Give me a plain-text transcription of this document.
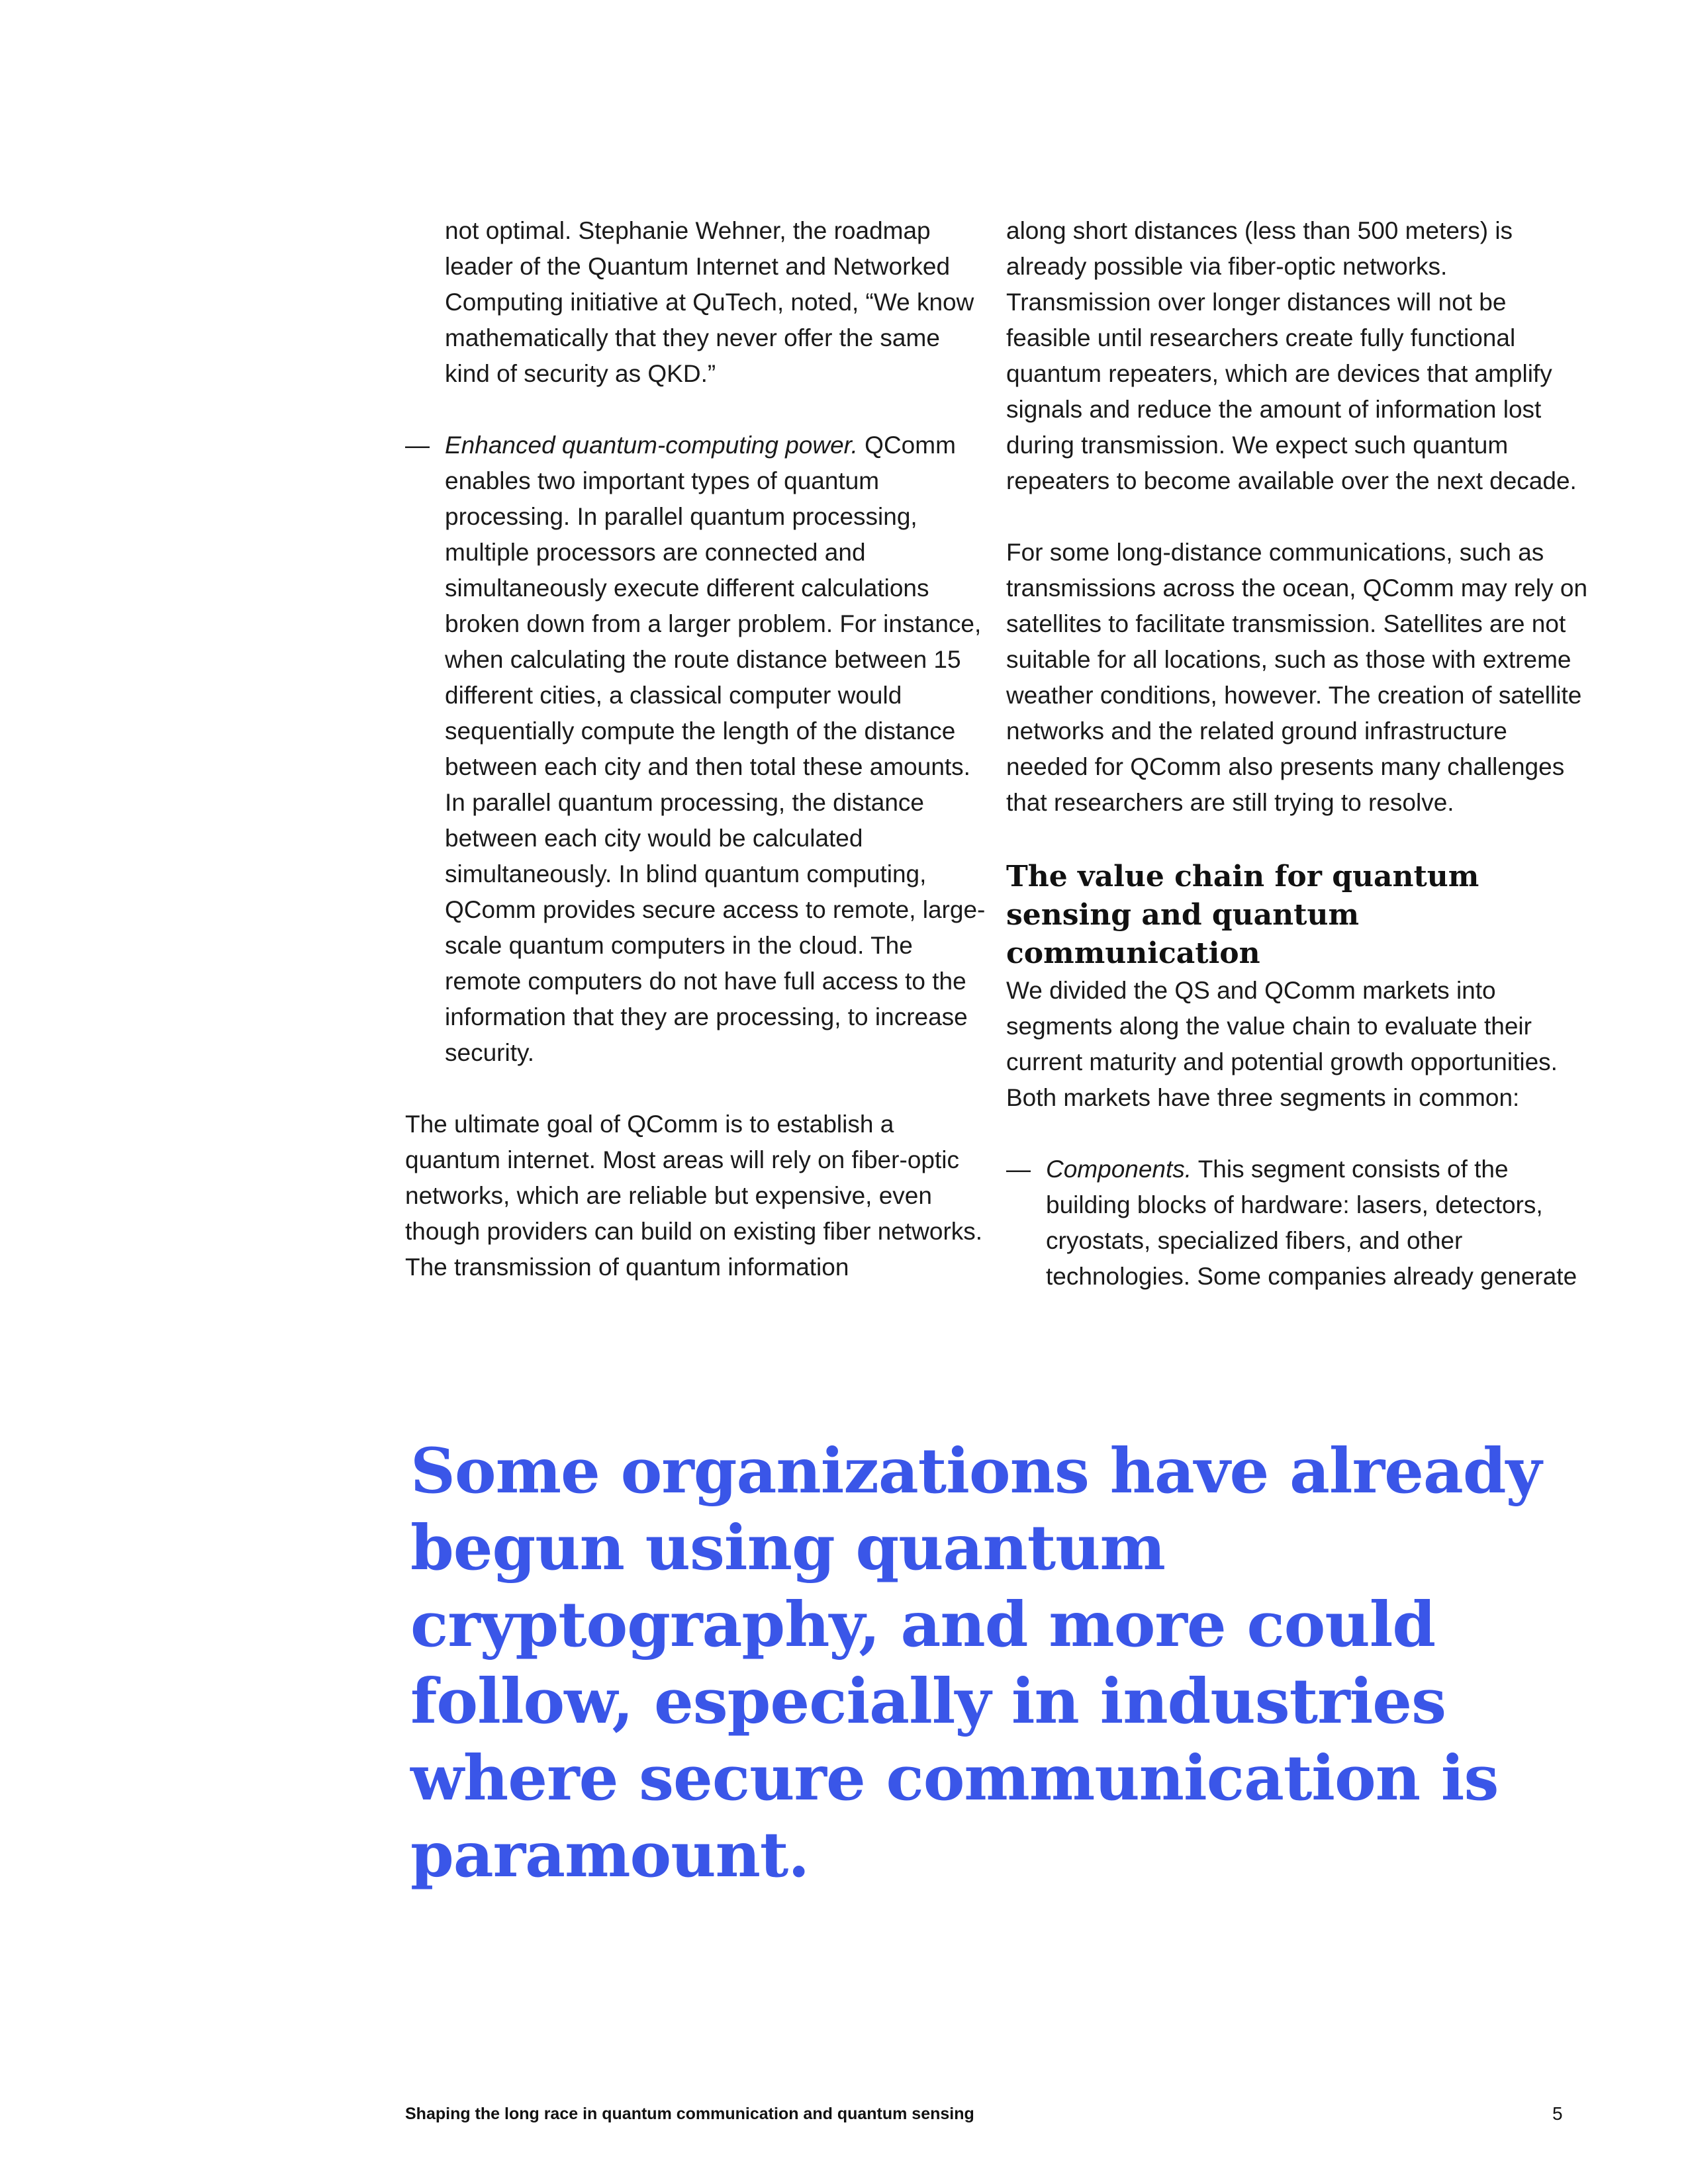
not optimal. Stephanie Wehner, the roadmap leader of the Quantum Internet and Networked Computing initiative at QuTech, noted, “We know mathematically that they never offer the same kind of security as QKD.”

— Enhanced quantum-computing power. QComm enables two important types of quantum processing. In parallel quantum processing, multiple processors are connected and simultaneously execute different calculations broken down from a larger problem. For instance, when calculating the route distance between 15 different cities, a classical computer would sequentially compute the length of the distance between each city and then total these amounts. In parallel quantum processing, the distance between each city would be calculated simultaneously. In blind quantum computing, QComm provides secure access to remote, large-scale quantum computers in the cloud. The remote computers do not have full access to the information that they are processing, to increase security.

The ultimate goal of QComm is to establish a quantum internet. Most areas will rely on fiber-optic networks, which are reliable but expensive, even though providers can build on existing fiber networks. The transmission of quantum information

along short distances (less than 500 meters) is already possible via fiber-optic networks. Transmission over longer distances will not be feasible until researchers create fully functional quantum repeaters, which are devices that amplify signals and reduce the amount of information lost during transmission. We expect such quantum repeaters to become available over the next decade.

For some long-distance communications, such as transmissions across the ocean, QComm may rely on satellites to facilitate transmission. Satellites are not suitable for all locations, such as those with extreme weather conditions, however. The creation of satellite networks and the related ground infrastructure needed for QComm also presents many challenges that researchers are still trying to resolve.

The value chain for quantum sensing and quantum communication

We divided the QS and QComm markets into segments along the value chain to evaluate their current maturity and potential growth opportunities. Both markets have three segments in common:

— Components. This segment consists of the building blocks of hardware: lasers, detectors, cryostats, specialized fibers, and other technologies. Some companies already generate
Some organizations have already begun using quantum cryptography, and more could follow, especially in industries where secure communication is paramount.
Shaping the long race in quantum communication and quantum sensing	5
